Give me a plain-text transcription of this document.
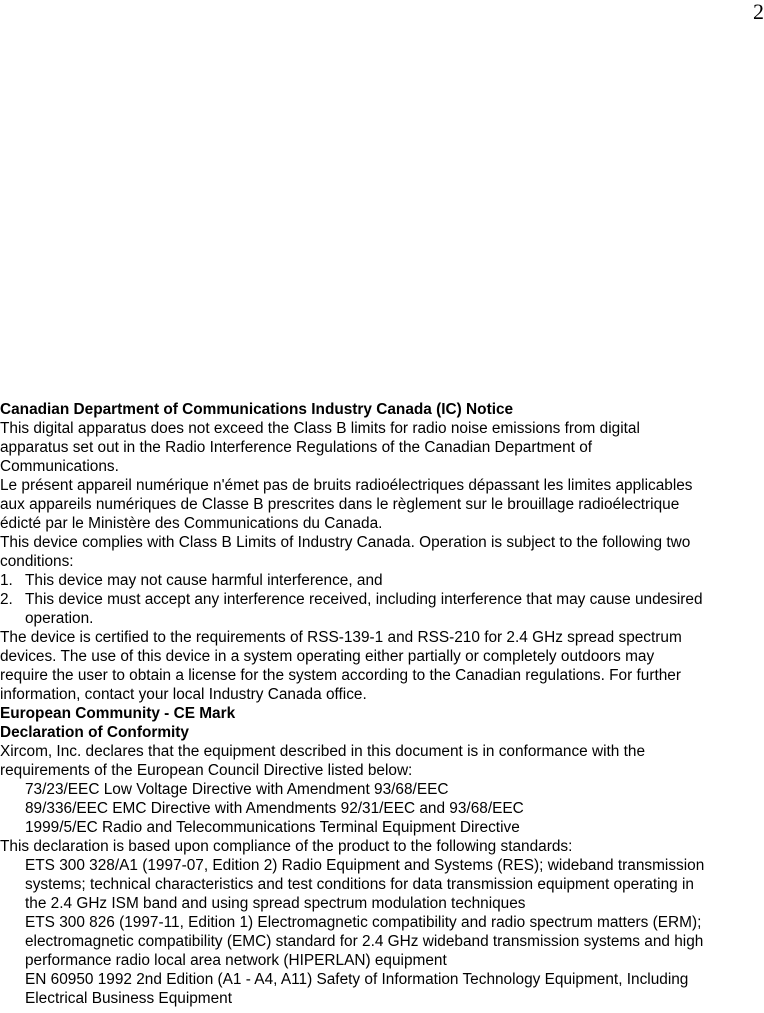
2
Canadian Department of Communications Industry Canada (IC) Notice
This digital apparatus does not exceed the Class B limits for radio noise emissions from digital
apparatus set out in the Radio Interference Regulations of the Canadian Department of
Communications.
Le présent appareil numérique n'émet pas de bruits radioélectriques dépassant les limites applicables
aux appareils numériques de Classe B prescrites dans le règlement sur le brouillage radioélectrique
édicté par le Ministère des Communications du Canada.
This device complies with Class B Limits of Industry Canada. Operation is subject to the following two
conditions:
1. This device may not cause harmful interference, and
2. This device must accept any interference received, including interference that may cause undesired
operation.
The device is certified to the requirements of RSS-139-1 and RSS-210 for 2.4 GHz spread spectrum
devices. The use of this device in a system operating either partially or completely outdoors may
require the user to obtain a license for the system according to the Canadian regulations. For further
information, contact your local Industry Canada office.
European Community - CE Mark
Declaration of Conformity
Xircom, Inc. declares that the equipment described in this document is in conformance with the
requirements of the European Council Directive listed below:
73/23/EEC Low Voltage Directive with Amendment 93/68/EEC
89/336/EEC EMC Directive with Amendments 92/31/EEC and 93/68/EEC
1999/5/EC Radio and Telecommunications Terminal Equipment Directive
This declaration is based upon compliance of the product to the following standards:
ETS 300 328/A1 (1997-07, Edition 2) Radio Equipment and Systems (RES); wideband transmission
systems; technical characteristics and test conditions for data transmission equipment operating in
the 2.4 GHz ISM band and using spread spectrum modulation techniques
ETS 300 826 (1997-11, Edition 1) Electromagnetic compatibility and radio spectrum matters (ERM);
electromagnetic compatibility (EMC) standard for 2.4 GHz wideband transmission systems and high
performance radio local area network (HIPERLAN) equipment
EN 60950 1992 2nd Edition (A1 - A4, A11) Safety of Information Technology Equipment, Including
Electrical Business Equipment
